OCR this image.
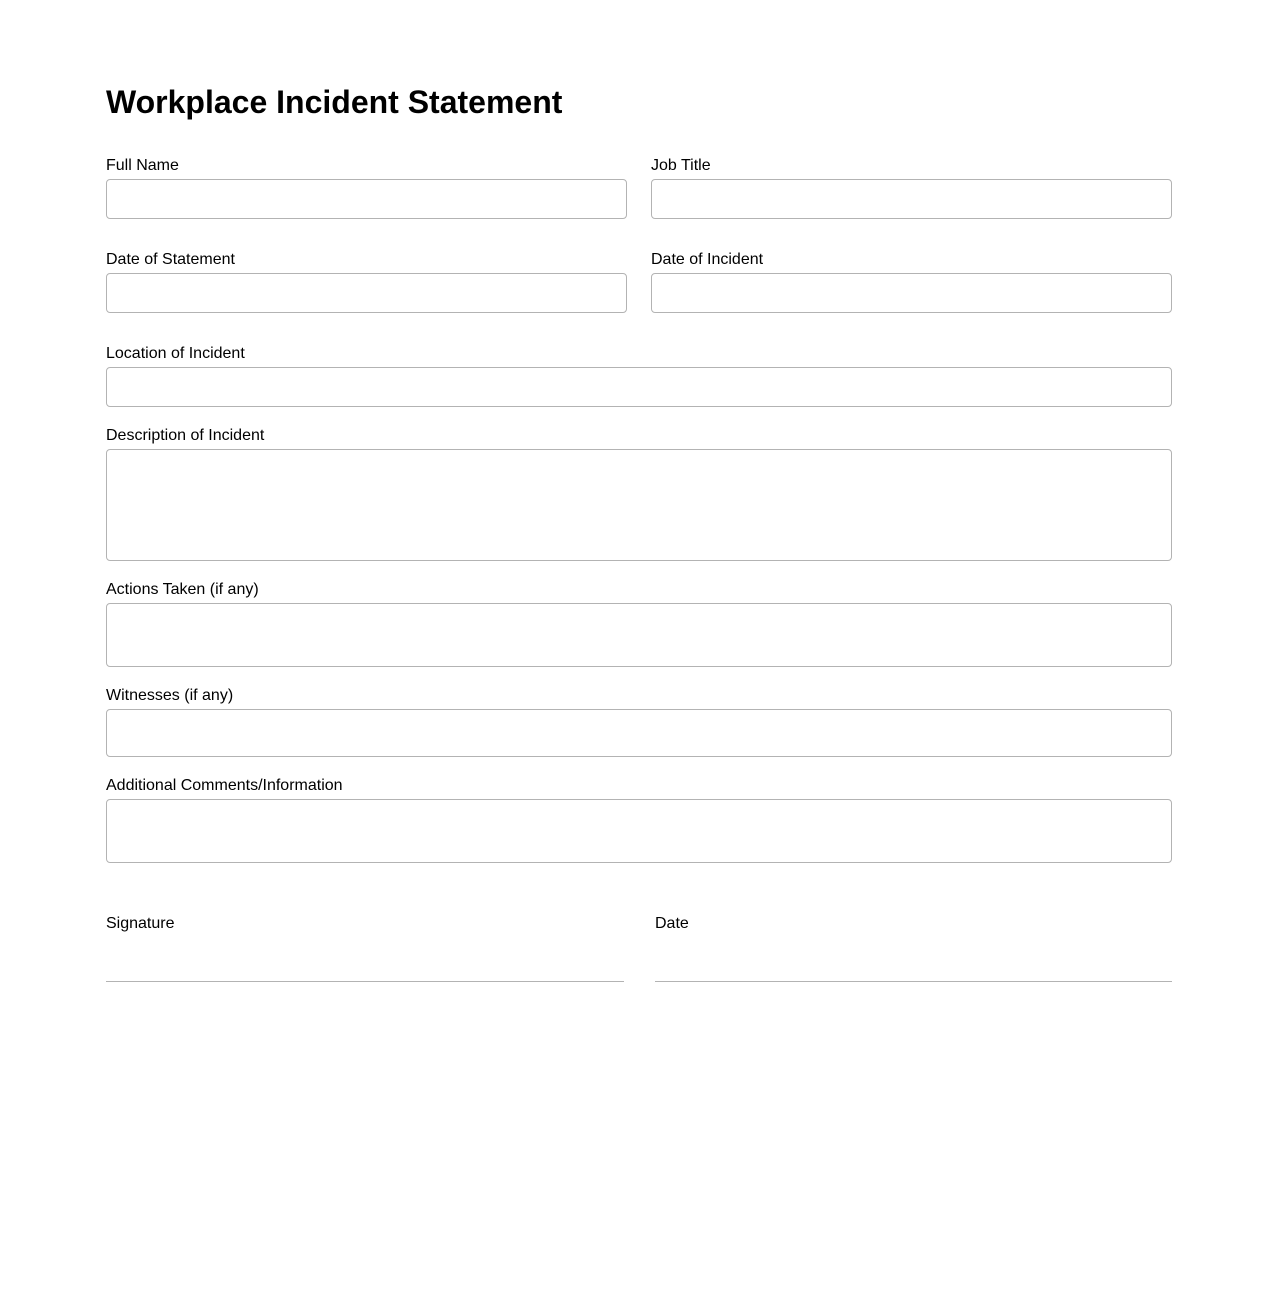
Workplace Incident Statement
Full Name	Job Title
Date of Statement	Date of Incident
Location of Incident
Description of Incident
Actions Taken (if any)
Witnesses (if any)
Additional Comments/Information
Signature	Date
